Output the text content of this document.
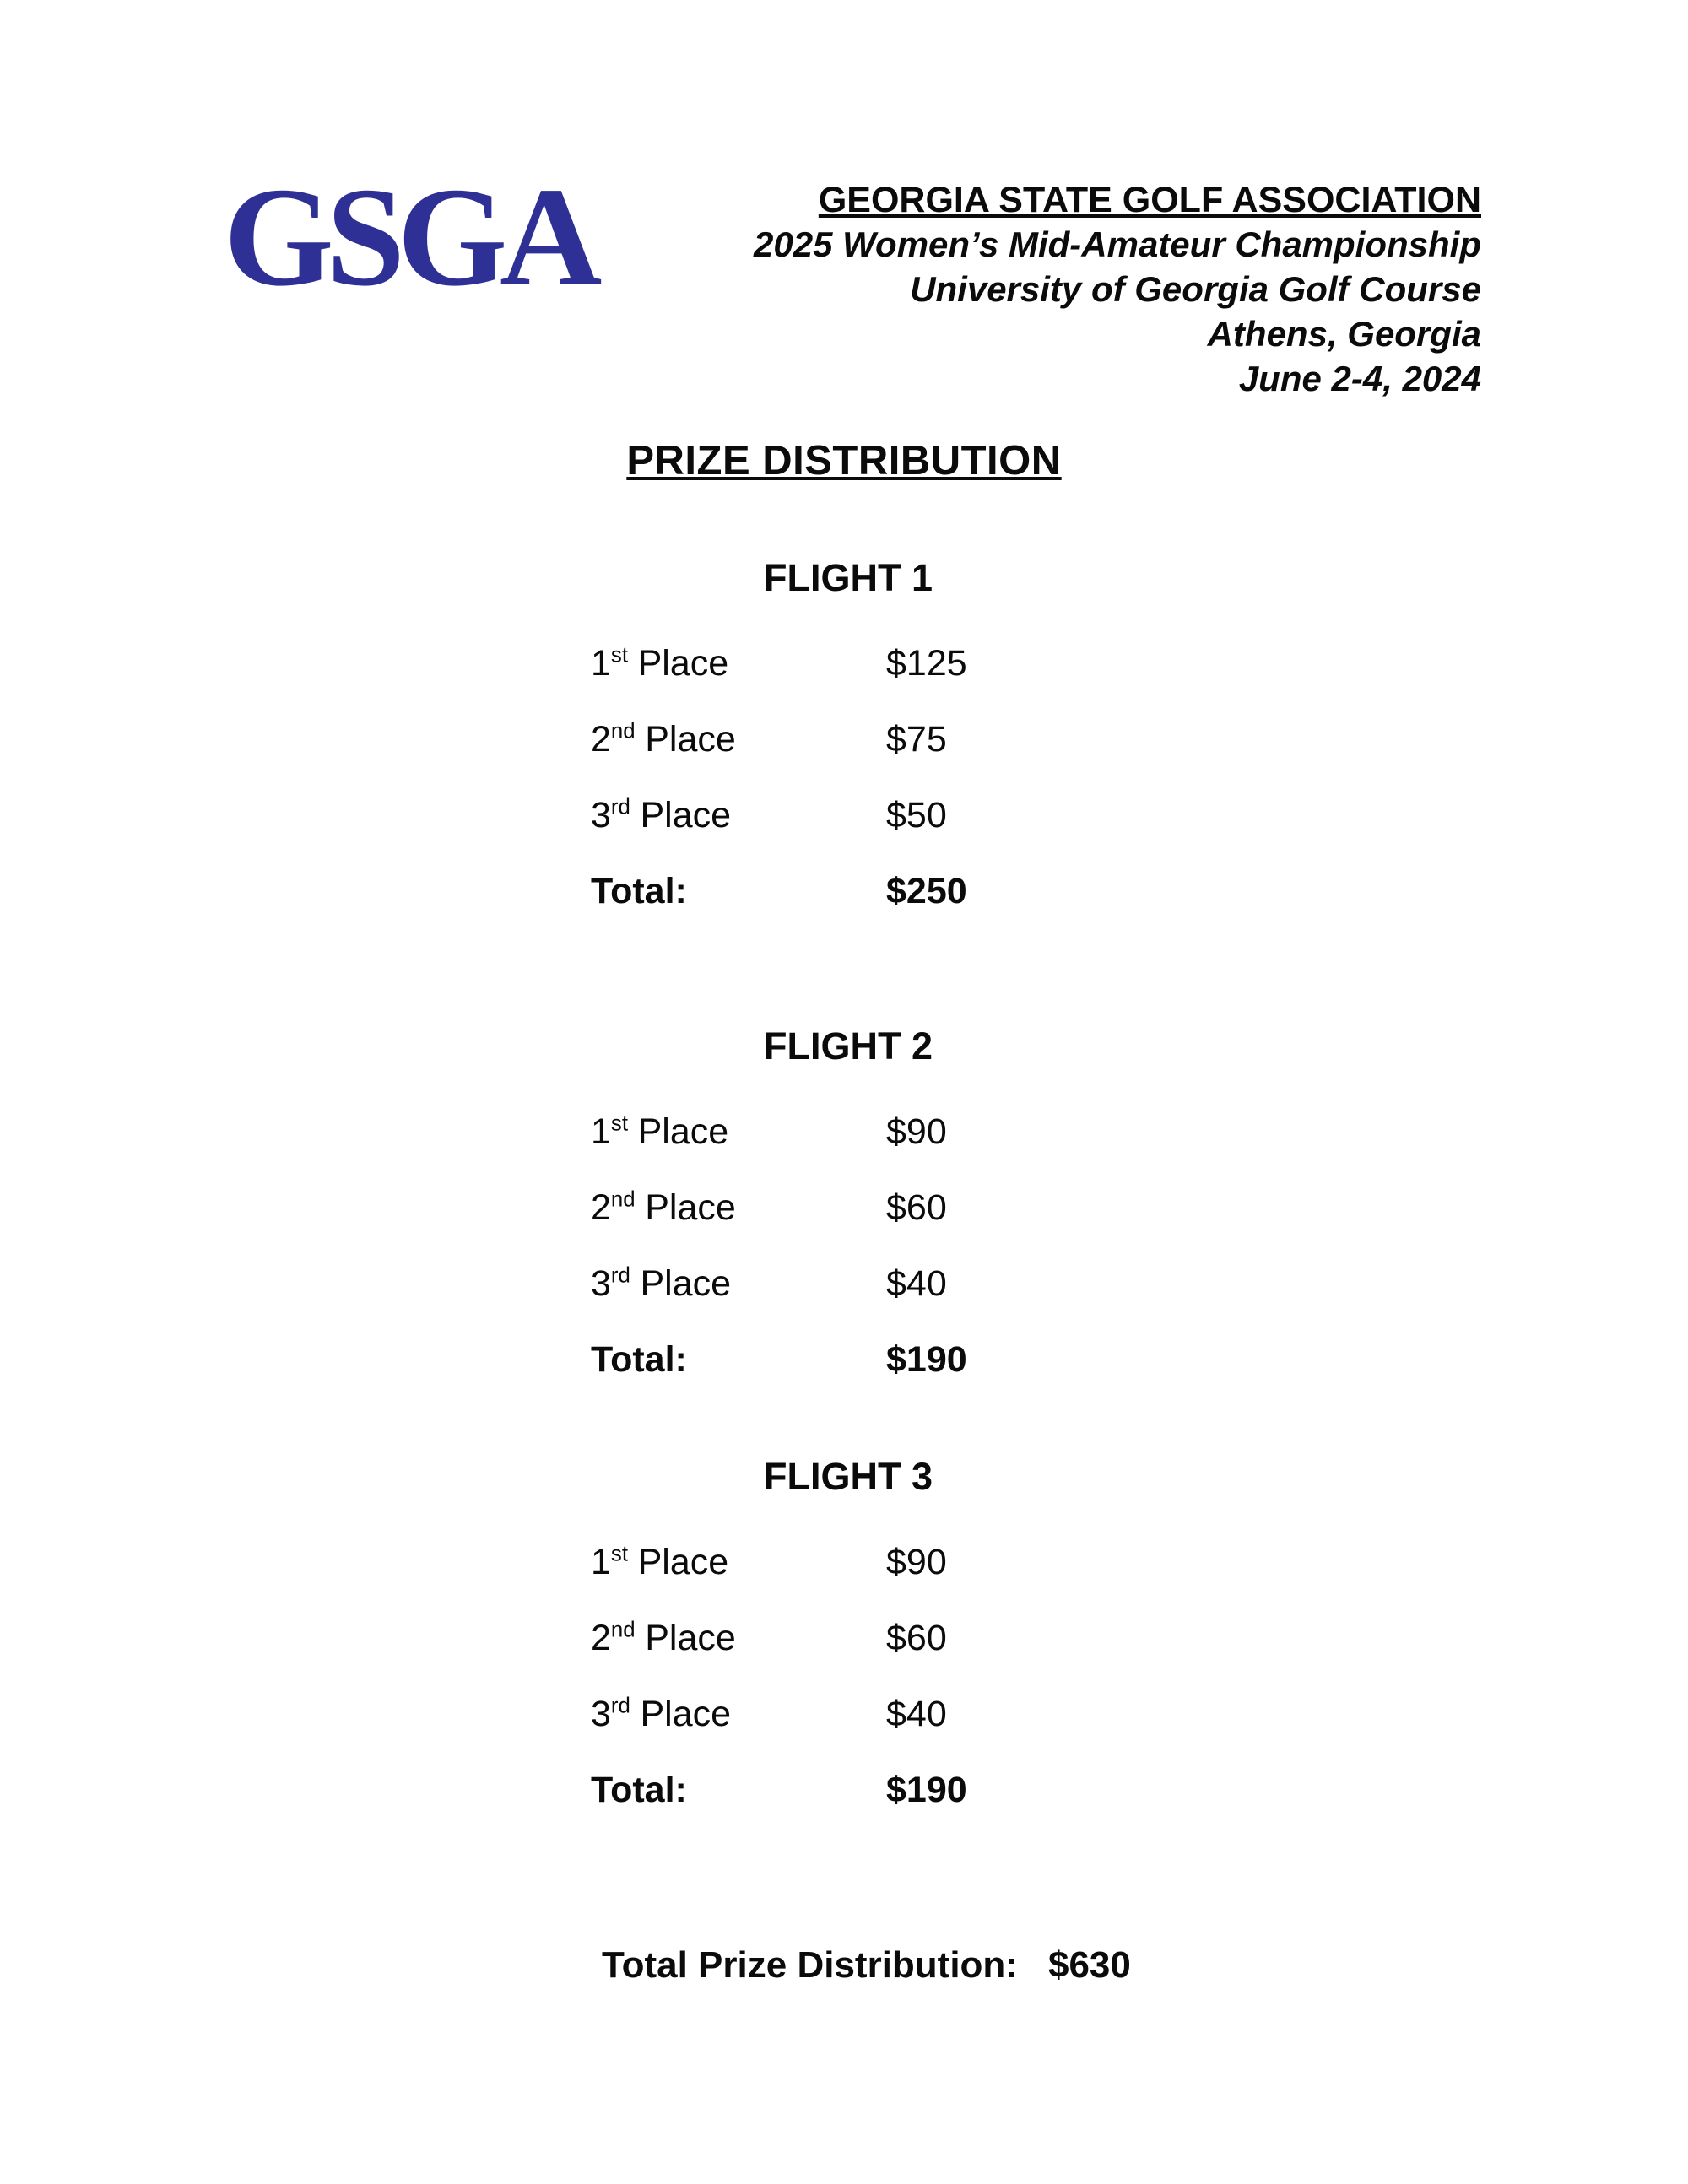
GSGA	GEORGIA STATE GOLF ASSOCIATION
2025 Women’s Mid-Amateur Championship
University of Georgia Golf Course
Athens, Georgia
June 2-4, 2024
PRIZE DISTRIBUTION
FLIGHT 1
1st Place	$125
2nd Place	$75
3rd Place	$50
Total:	$250
FLIGHT 2
1st Place	$90
2nd Place	$60
3rd Place	$40
Total:	$190
FLIGHT 3
1st Place	$90
2nd Place	$60
3rd Place	$40
Total:	$190
Total Prize Distribution: $630
